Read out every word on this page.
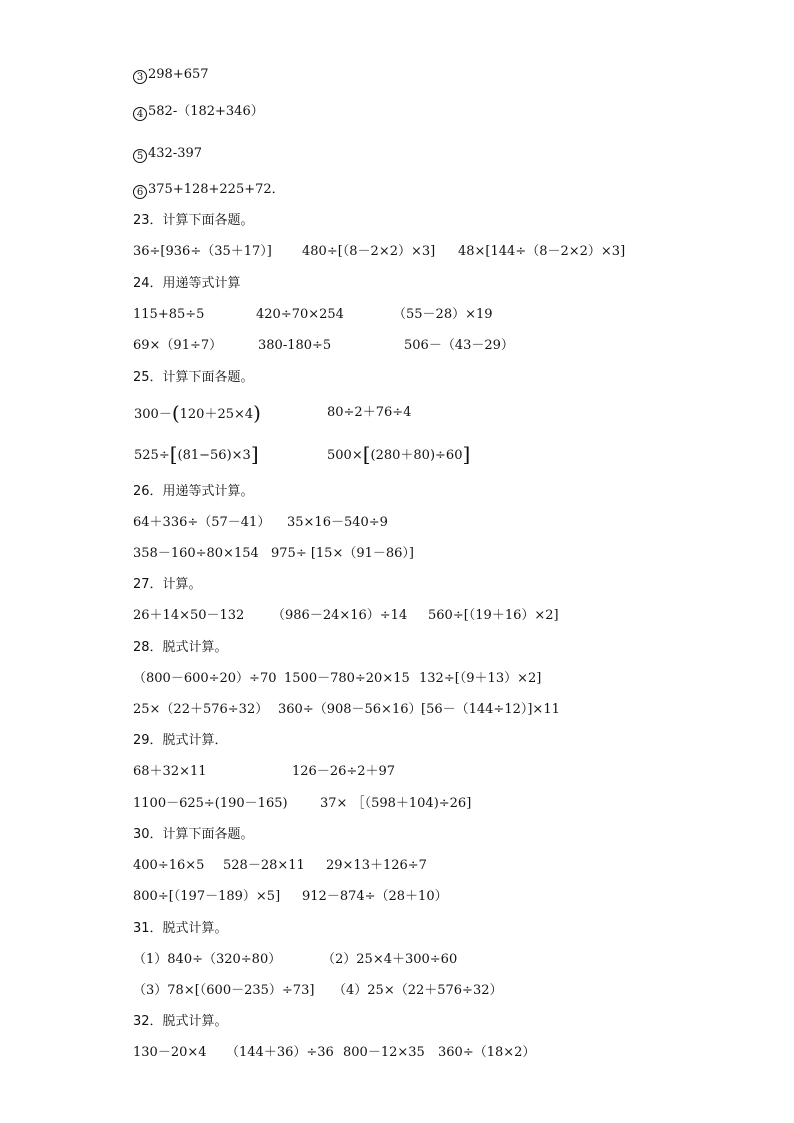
3 298+657
4 582-（182+346）
5 432-397
6 375+128+225+72．
23．计算下面各题。
36÷[936÷（35＋17）] 480÷[（8－2×2）×3] 48×[144÷（8－2×2）×3]
24．用递等式计算
115+85÷5	420÷70×254	（55－28）×19
69×（91÷7）	380-180÷5	506－（43－29）
25．计算下面各题。
300－(120＋25×4)	80÷2＋76÷4
525÷[(81−56)×3]	500×[(280＋80)÷60]
26．用递等式计算。
64＋336÷（57－41） 35×16－540÷9
358－160÷80×154 975÷ [15×（91－86）]
27．计算。
26＋14×50－132 （986－24×16）÷14 560÷[（19＋16）×2]
28．脱式计算。
（800－600÷20）÷70 1500－780÷20×15 132÷[（9＋13）×2]
25×（22＋576÷32） 360÷（908－56×16） [56－（144÷12）]×11
29．脱式计算．
68＋32×11	126－26÷2＋97
1100－625÷(190－165) 37× ［（598＋104)÷26]
30．计算下面各题。
400÷16×5 528－28×11 29×13＋126÷7
800÷[（197－189）×5] 912－874÷（28＋10）
31．脱式计算。
（1）840÷（320÷80）	（2）25×4＋300÷60
（3）78×[（600－235）÷73] （4）25×（22＋576÷32）
32．脱式计算。
130－20×4 （144＋36）÷36 800－12×35 360÷（18×2）
